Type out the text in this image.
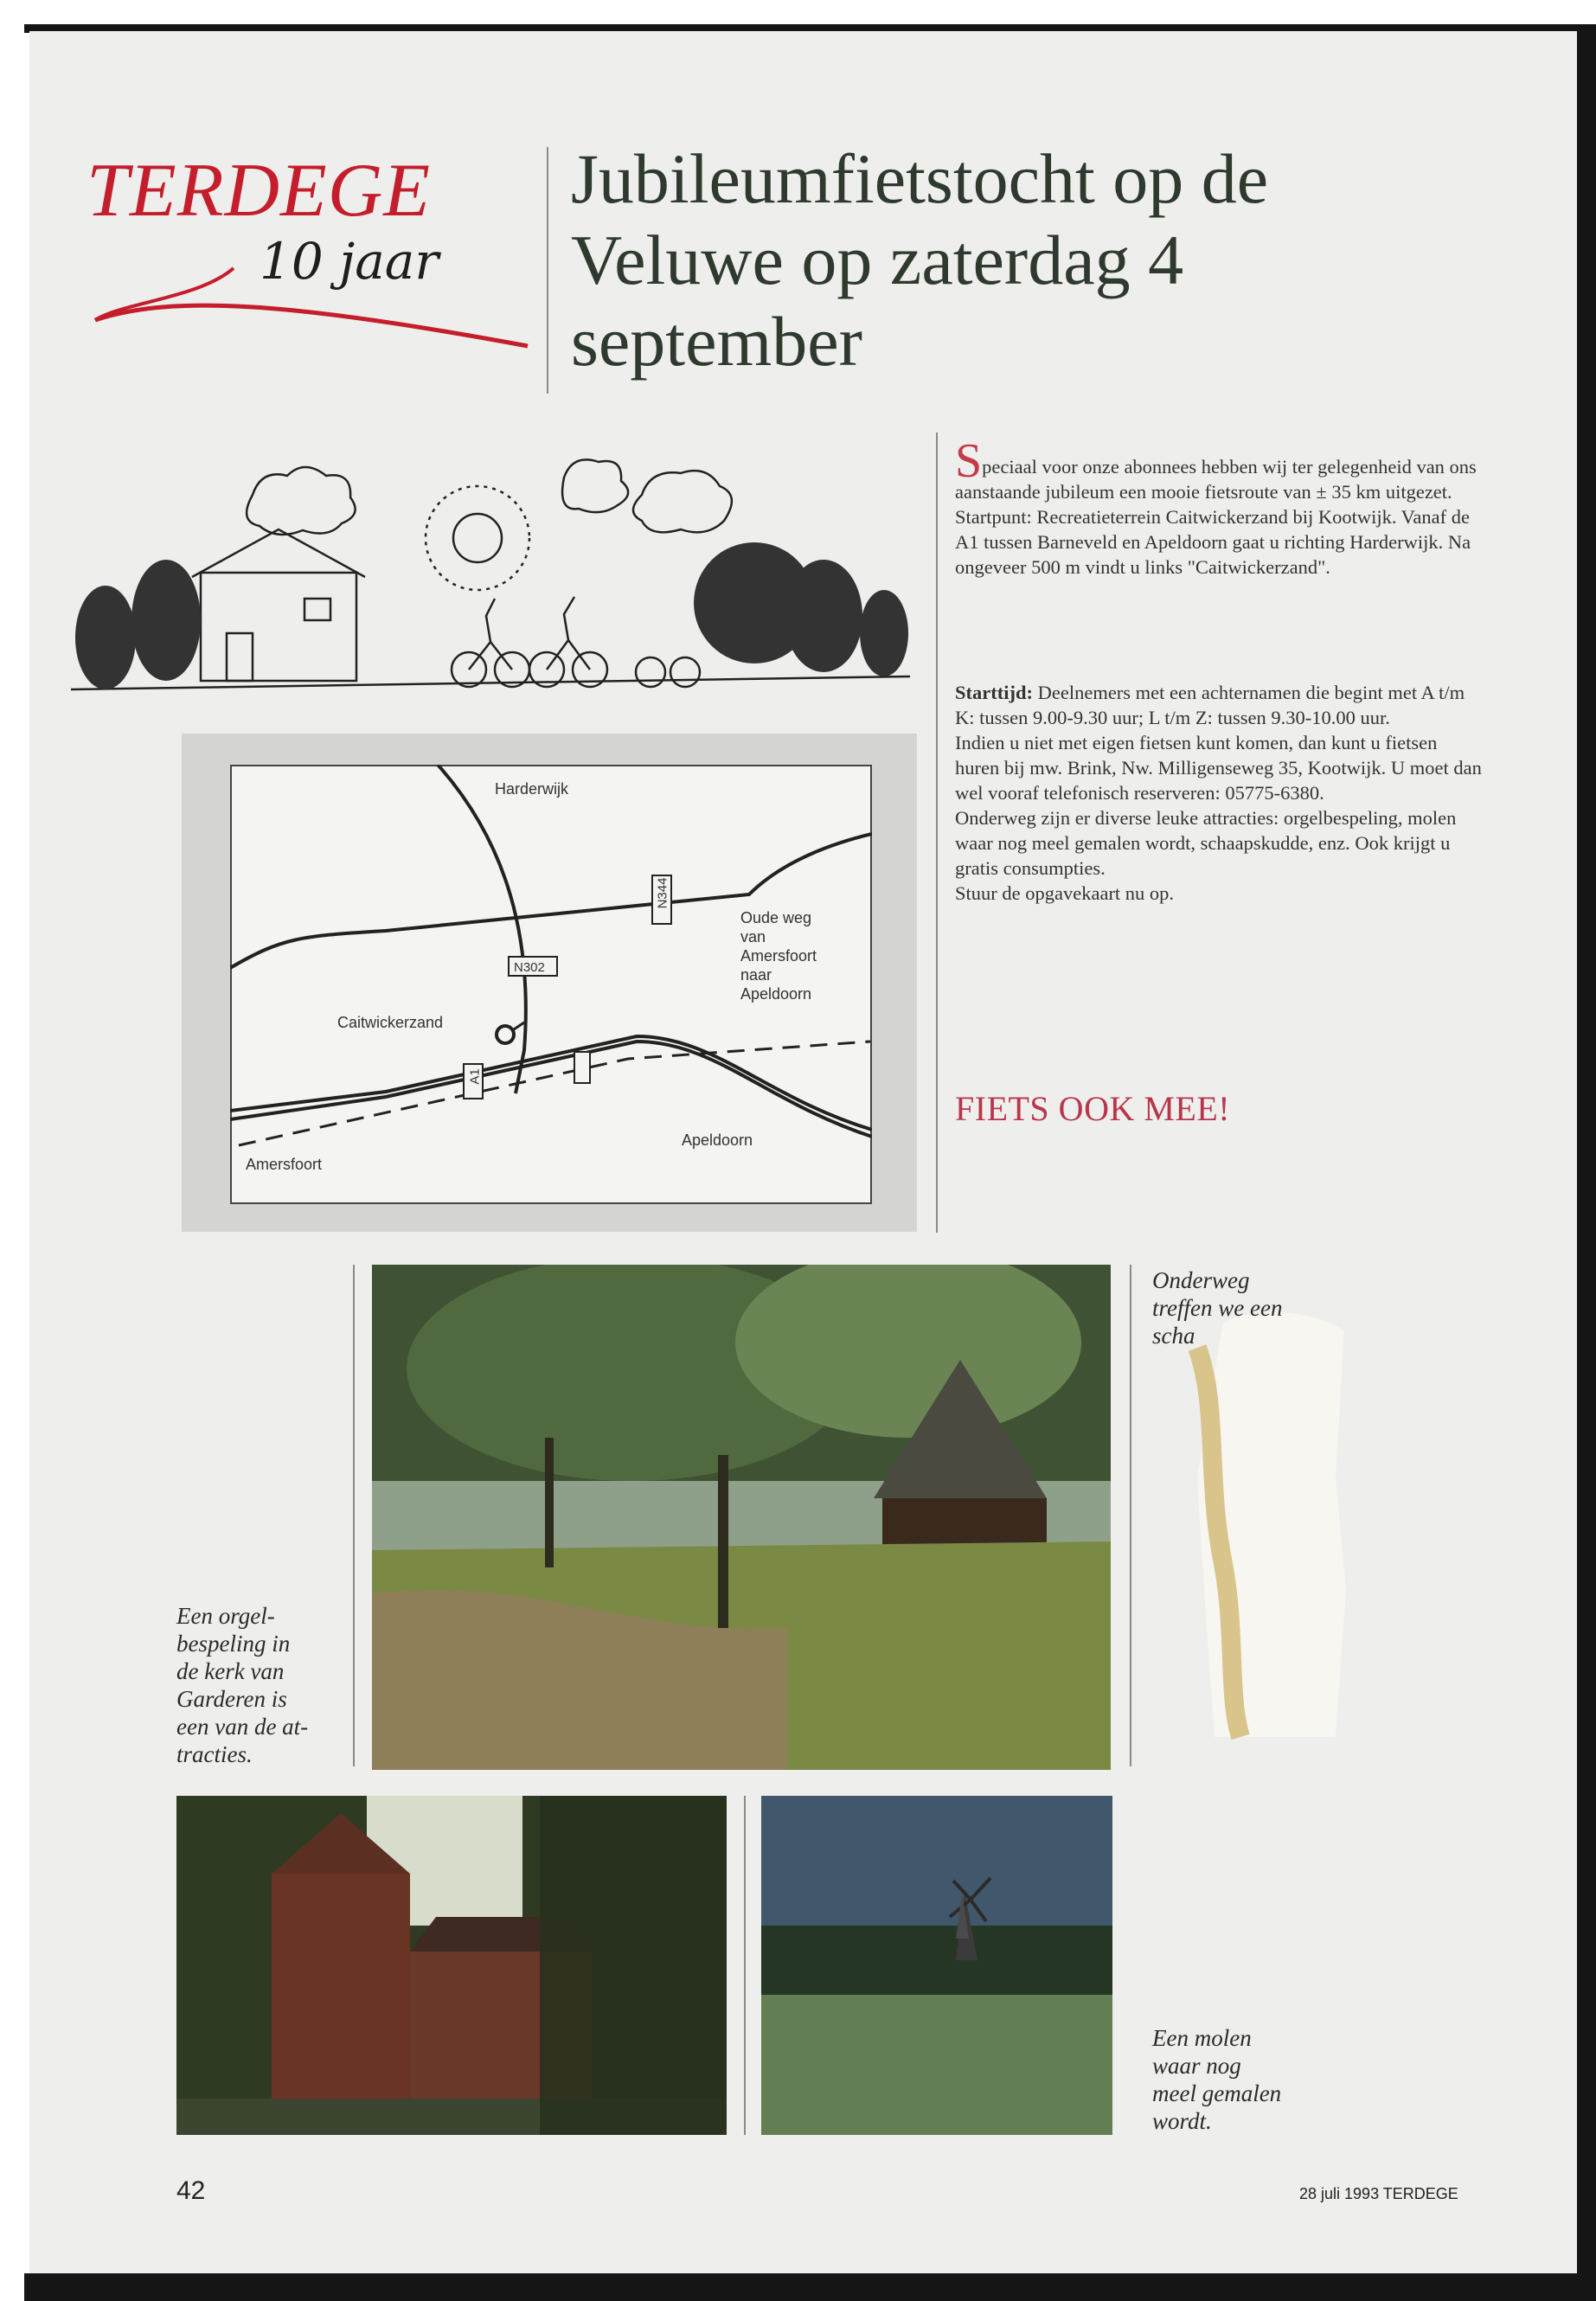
TERDEGE
10 jaar
Jubileumfietstocht op de Veluwe op zaterdag 4 september
Harderwijk
N344
N302
A1
Caitwickerzand
Oude weg
van
Amersfoort
naar
Apeldoorn
Apeldoorn
Amersfoort

Speciaal voor onze abonnees hebben wij ter gelegenheid van ons aanstaande jubileum een mooie fietsroute van ± 35 km uitgezet. Startpunt: Recreatieterrein Caitwickerzand bij Kootwijk. Vanaf de A1 tussen Barneveld en Apeldoorn gaat u richting Harderwijk. Na ongeveer 500 m vindt u links "Caitwickerzand".

Starttijd: Deelnemers met een achternamen die begint met A t/m K: tussen 9.00-9.30 uur; L t/m Z: tussen 9.30-10.00 uur.

Indien u niet met eigen fietsen kunt komen, dan kunt u fietsen huren bij mw. Brink, Nw. Milligenseweg 35, Kootwijk. U moet dan wel vooraf telefonisch reserveren: 05775-6380.

Onderweg zijn er diverse leuke attracties: orgelbespeling, molen waar nog meel gemalen wordt, schaapskudde, enz. Ook krijgt u gratis consumpties.

Stuur de opgavekaart nu op.

FIETS OOK MEE!
Onderweg
treffen we een
scha
Een orgel-
bespeling in
de kerk van
Garderen is
een van de at-
tracties.
Een molen
waar nog
meel gemalen
wordt.
42	28 juli 1993 TERDEGE
